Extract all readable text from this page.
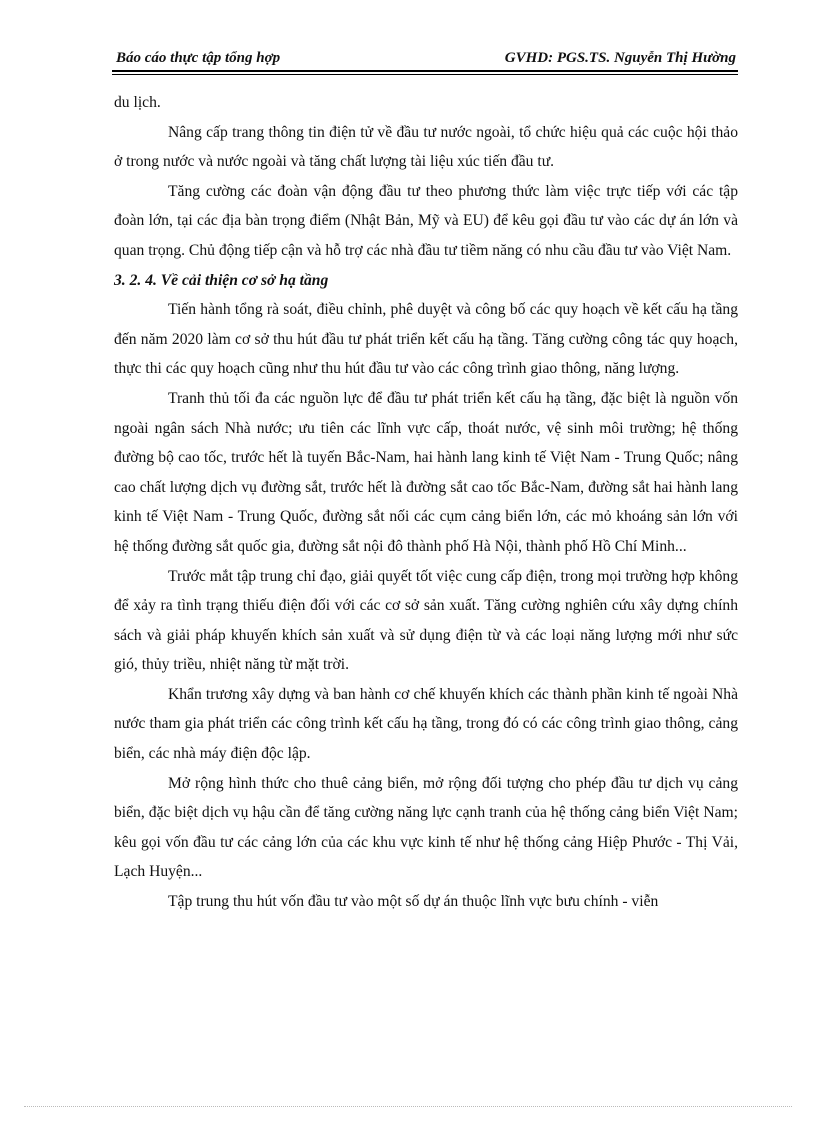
Báo cáo thực tập tổng hợp	GVHD: PGS.TS. Nguyễn Thị Hường

du lịch.

Nâng cấp trang thông tin điện tử về đầu tư nước ngoài, tổ chức hiệu quả các cuộc hội thảo ở trong nước và nước ngoài và tăng chất lượng tài liệu xúc tiến đầu tư.

Tăng cường các đoàn vận động đầu tư theo phương thức làm việc trực tiếp với các tập đoàn lớn, tại các địa bàn trọng điểm (Nhật Bản, Mỹ và EU) để kêu gọi đầu tư vào các dự án lớn và quan trọng. Chủ động tiếp cận và hỗ trợ các nhà đầu tư tiềm năng có nhu cầu đầu tư vào Việt Nam.

3. 2. 4. Về cải thiện cơ sở hạ tầng

Tiến hành tổng rà soát, điều chỉnh, phê duyệt và công bố các quy hoạch về kết cấu hạ tầng đến năm 2020 làm cơ sở thu hút đầu tư phát triển kết cấu hạ tầng. Tăng cường công tác quy hoạch, thực thi các quy hoạch cũng như thu hút đầu tư vào các công trình giao thông, năng lượng.

Tranh thủ tối đa các nguồn lực để đầu tư phát triển kết cấu hạ tầng, đặc biệt là nguồn vốn ngoài ngân sách Nhà nước; ưu tiên các lĩnh vực cấp, thoát nước, vệ sinh môi trường; hệ thống đường bộ cao tốc, trước hết là tuyến Bắc-Nam, hai hành lang kinh tế Việt Nam - Trung Quốc; nâng cao chất lượng dịch vụ đường sắt, trước hết là đường sắt cao tốc Bắc-Nam, đường sắt hai hành lang kinh tế Việt Nam - Trung Quốc, đường sắt nối các cụm cảng biển lớn, các mỏ khoáng sản lớn với hệ thống đường sắt quốc gia, đường sắt nội đô thành phố Hà Nội, thành phố Hồ Chí Minh...

Trước mắt tập trung chỉ đạo, giải quyết tốt việc cung cấp điện, trong mọi trường hợp không để xảy ra tình trạng thiếu điện đối với các cơ sở sản xuất. Tăng cường nghiên cứu xây dựng chính sách và giải pháp khuyến khích sản xuất và sử dụng điện từ và các loại năng lượng mới như sức gió, thủy triều, nhiệt năng từ mặt trời.

Khẩn trương xây dựng và ban hành cơ chế khuyến khích các thành phần kinh tế ngoài Nhà nước tham gia phát triển các công trình kết cấu hạ tầng, trong đó có các công trình giao thông, cảng biển, các nhà máy điện độc lập.

Mở rộng hình thức cho thuê cảng biển, mở rộng đối tượng cho phép đầu tư dịch vụ cảng biển, đặc biệt dịch vụ hậu cần để tăng cường năng lực cạnh tranh của hệ thống cảng biển Việt Nam; kêu gọi vốn đầu tư các cảng lớn của các khu vực kinh tế như hệ thống cảng Hiệp Phước - Thị Vải, Lạch Huyện...

Tập trung thu hút vốn đầu tư vào một số dự án thuộc lĩnh vực bưu chính - viễn
